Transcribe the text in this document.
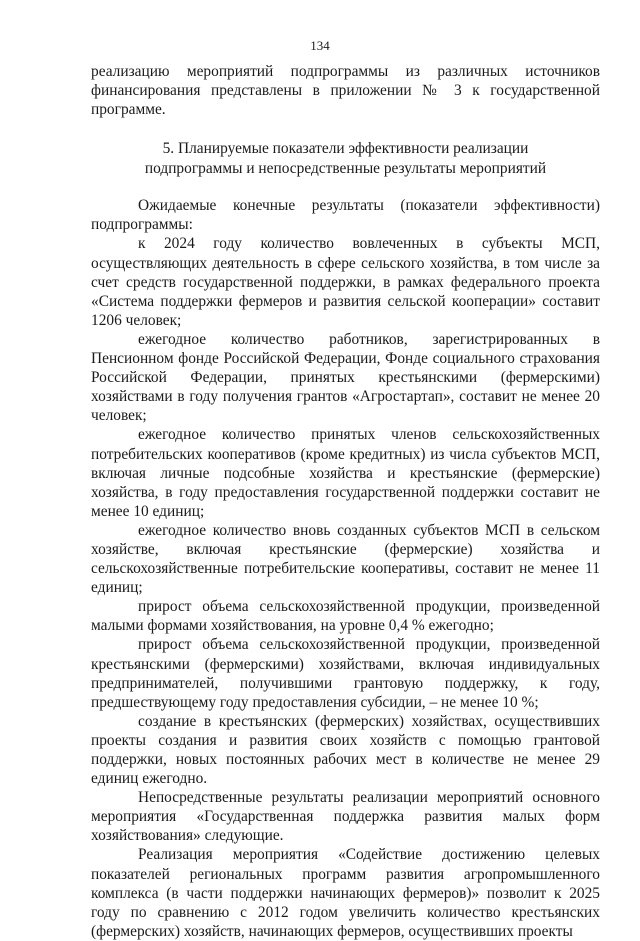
134

реализацию мероприятий подпрограммы из различных источников финансирования представлены в приложении № 3 к государственной программе.

5. Планируемые показатели эффективности реализации
подпрограммы и непосредственные результаты мероприятий

Ожидаемые конечные результаты (показатели эффективности) подпрограммы:

к 2024 году количество вовлеченных в субъекты МСП, осуществляющих деятельность в сфере сельского хозяйства, в том числе за счет средств государственной поддержки, в рамках федерального проекта «Система поддержки фермеров и развития сельской кооперации» составит 1206 человек;

ежегодное количество работников, зарегистрированных в Пенсионном фонде Российской Федерации, Фонде социального страхования Российской Федерации, принятых крестьянскими (фермерскими) хозяйствами в году получения грантов «Агростартап», составит не менее 20 человек;

ежегодное количество принятых членов сельскохозяйственных потребительских кооперативов (кроме кредитных) из числа субъектов МСП, включая личные подсобные хозяйства и крестьянские (фермерские) хозяйства, в году предоставления государственной поддержки составит не менее 10 единиц;

ежегодное количество вновь созданных субъектов МСП в сельском хозяйстве, включая крестьянские (фермерские) хозяйства и сельскохозяйственные потребительские кооперативы, составит не менее 11 единиц;

прирост объема сельскохозяйственной продукции, произведенной малыми формами хозяйствования, на уровне 0,4 % ежегодно;

прирост объема сельскохозяйственной продукции, произведенной крестьянскими (фермерскими) хозяйствами, включая индивидуальных предпринимателей, получившими грантовую поддержку, к году, предшествующему году предоставления субсидии, – не менее 10 %;

создание в крестьянских (фермерских) хозяйствах, осуществивших проекты создания и развития своих хозяйств с помощью грантовой поддержки, новых постоянных рабочих мест в количестве не менее 29 единиц ежегодно.

Непосредственные результаты реализации мероприятий основного мероприятия «Государственная поддержка развития малых форм хозяйствования» следующие.

Реализация мероприятия «Содействие достижению целевых показателей региональных программ развития агропромышленного комплекса (в части поддержки начинающих фермеров)» позволит к 2025 году по сравнению с 2012 годом увеличить количество крестьянских (фермерских) хозяйств, начинающих фермеров, осуществивших проекты
